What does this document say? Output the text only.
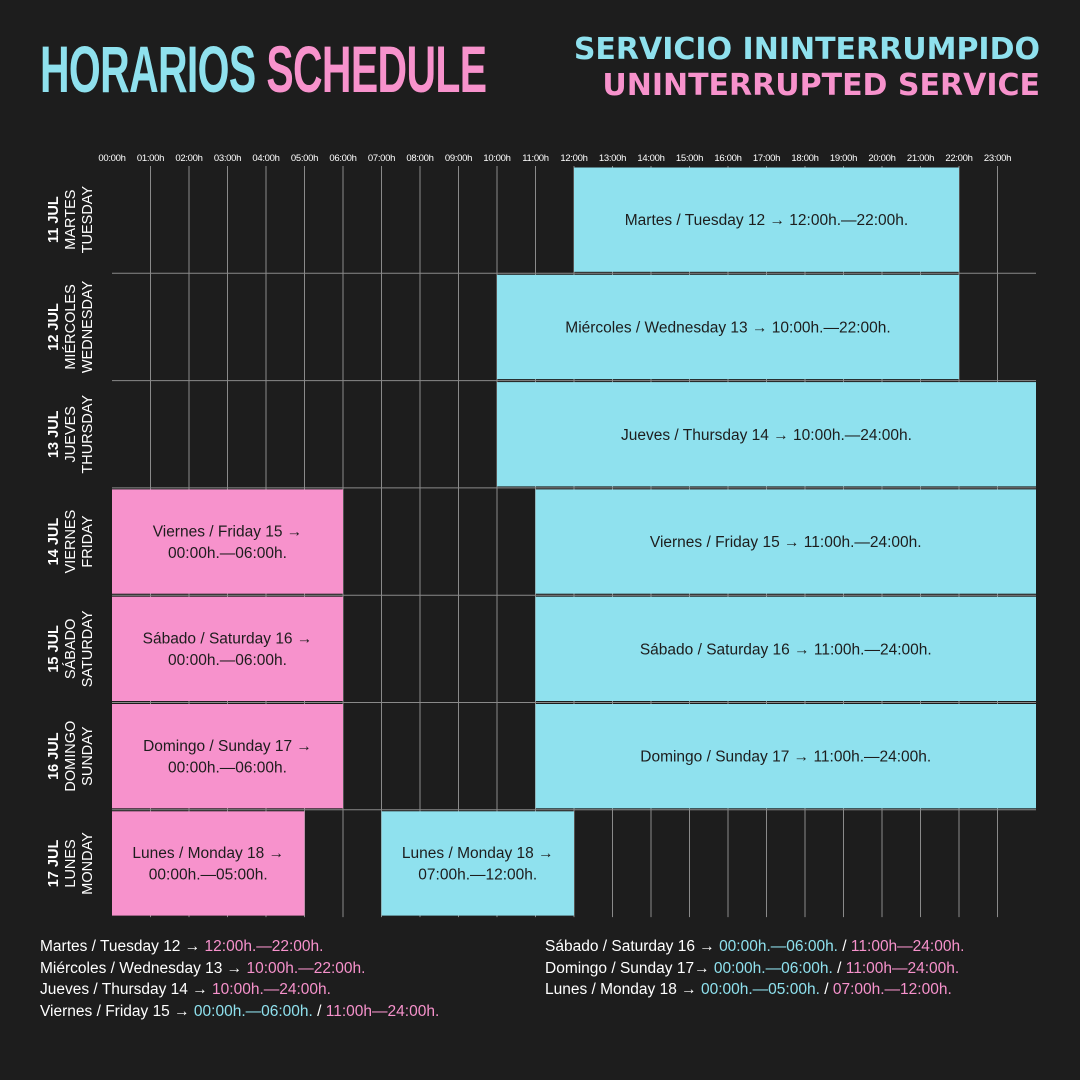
HORARIOS SCHEDULE	SERVICIO ININTERRUMPIDO
UNINTERRUPTED SERVICE
00:00h 01:00h 02:00h 03:00h 04:00h 05:00h 06:00h 07:00h 08:00h 09:00h 10:00h 11:00h 12:00h 13:00h 14:00h 15:00h 16:00h 17:00h 18:00h 19:00h 20:00h 21:00h 22:00h 23:00h
11 JUL MARTES TUESDAY
12 JUL MIÉRCOLES WEDNESDAY
13 JUL JUEVES THURSDAY
14 JUL VIERNES FRIDAY
15 JUL SÁBADO SATURDAY
16 JUL DOMINGO SUNDAY
17 JUL LUNES MONDAY
Martes / Tuesday 12 → 12:00h.—22:00h.
Miércoles / Wednesday 13 → 10:00h.—22:00h.
Jueves / Thursday 14 → 10:00h.—24:00h.
Viernes / Friday 15 →
00:00h.—06:00h.
Viernes / Friday 15 → 11:00h.—24:00h.
Sábado / Saturday 16 →
00:00h.—06:00h.
Sábado / Saturday 16 → 11:00h.—24:00h.
Domingo / Sunday 17 →
00:00h.—06:00h.
Domingo / Sunday 17 → 11:00h.—24:00h.
Lunes / Monday 18 →
00:00h.—05:00h.
Lunes / Monday 18 →
07:00h.—12:00h.
Martes / Tuesday 12 → 12:00h.—22:00h.
Miércoles / Wednesday 13 → 10:00h.—22:00h.
Jueves / Thursday 14 → 10:00h.—24:00h.
Viernes / Friday 15 → 00:00h.—06:00h. / 11:00h—24:00h.
Sábado / Saturday 16 → 00:00h.—06:00h. / 11:00h—24:00h.
Domingo / Sunday 17→ 00:00h.—06:00h. / 11:00h—24:00h.
Lunes / Monday 18 → 00:00h.—05:00h. / 07:00h.—12:00h.
